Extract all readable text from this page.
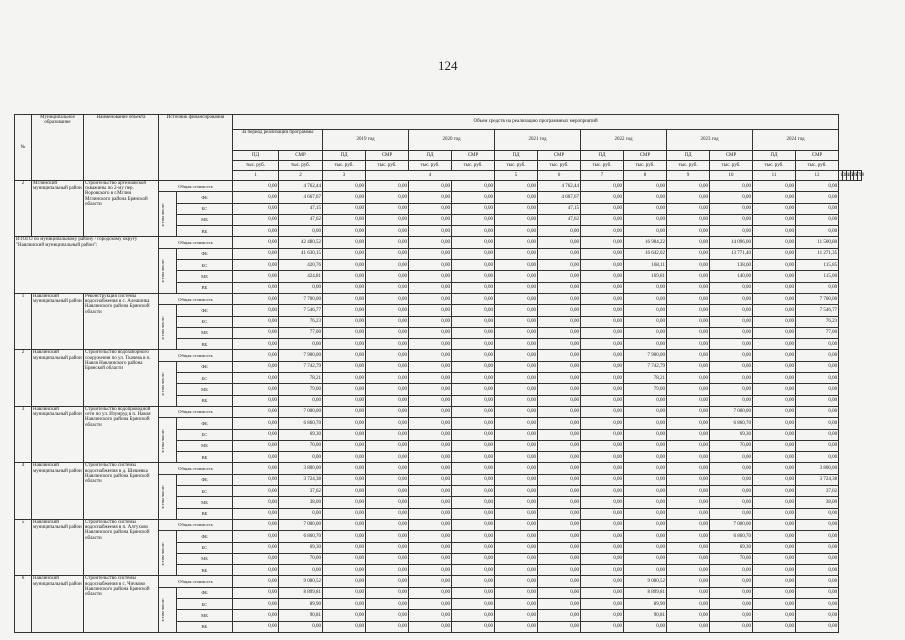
124
№	Муниципальное образование	Наименование объекта	Источник финансирования		Объем средств на реализацию программных мероприятий																			
					За период реализации программы		2019 год		2020 год		2021 год		2022 год		2023 год		2024 год							
					ПД	СМР	ПД	СМР	ПД	СМР	ПД	СМР	ПД	СМР	ПД	СМР	ПД	СМР						
					тыс. руб.	тыс. руб.	тыс. руб.	тыс. руб.	тыс. руб.	тыс. руб.	тыс. руб.	тыс. руб.	тыс. руб.	тыс. руб.	тыс. руб.	тыс. руб.	тыс. руб.	тыс. руб.						
					1	2	3	4			5	6	7	8	9	10	11	12	13	14	15	16	17	18
2	Мглинский муниципальный район	Строительство артезианской скважины по 2-му пер. Воровского в г.Мглин Мглинского района Брянской области	Общая стоимость		0,00	4 762,44	0,00	0,00	0,00	0,00	0,00	4 762,44	0,00	0,00	0,00	0,00	0,00	0,00						

			в том числе:	ФБ	0,00	4 667,67	0,00	0,00	0,00	0,00	0,00	4 667,67	0,00	0,00	0,00	0,00	0,00	0,00						
				БС	0,00	47,15	0,00	0,00	0,00	0,00	0,00	47,15	0,00	0,00	0,00	0,00	0,00	0,00						
				МБ	0,00	47,62	0,00	0,00	0,00	0,00	0,00	47,62	0,00	0,00	0,00	0,00	0,00	0,00						
				ВБ	0,00	0,00	0,00	0,00	0,00	0,00	0,00	0,00	0,00	0,00	0,00	0,00	0,00	0,00						
ИТОГО по муниципальному району / городскому округу "Навлинский муниципальный район":			Общая стоимость		0,00	42 480,52	0,00	0,00	0,00	0,00	0,00	0,00	0,00	16 984,22	0,00	14 096,00	0,00	11 500,80						

			в том числе:	ФБ	0,00	41 630,15	0,00	0,00	0,00	0,00	0,00	0,00	0,00	16 642,02	0,00	13 771,40	0,00	11 271,35						
				БС	0,00	420,76	0,00	0,00	0,00	0,00	0,00	0,00	0,00	168,11	0,00	138,60	0,00	115,85						
				МБ	0,00	424,81	0,00	0,00	0,00	0,00	0,00	0,00	0,00	169,81	0,00	140,00	0,00	115,00						
				ВБ	0,00	0,00	0,00	0,00	0,00	0,00	0,00	0,00	0,00	0,00	0,00	0,00	0,00	0,00						
1	Навлинский муниципальный район	Реконструкция системы водоснабжения в с. Алешинка Навлинского района Брянской области	Общая стоимость		0,00	7 700,00	0,00	0,00	0,00	0,00	0,00	0,00	0,00	0,00	0,00	0,00	0,00	7 700,00						

			в том числе:	ФБ	0,00	7 546,77	0,00	0,00	0,00	0,00	0,00	0,00	0,00	0,00	0,00	0,00	0,00	7 546,77						
				БС	0,00	76,23	0,00	0,00	0,00	0,00	0,00	0,00	0,00	0,00	0,00	0,00	0,00	76,23						
				МБ	0,00	77,00	0,00	0,00	0,00	0,00	0,00	0,00	0,00	0,00	0,00	0,00	0,00	77,00						
				ВБ	0,00	0,00	0,00	0,00	0,00	0,00	0,00	0,00	0,00	0,00	0,00	0,00	0,00	0,00						
2	Навлинский муниципальный район	Строительство водозаборного сооружения по ул. Ткачева в п. Навля Навлинского района Брянской области	Общая стоимость		0,00	7 900,00	0,00	0,00	0,00	0,00	0,00	0,00	0,00	7 900,00	0,00	0,00	0,00	0,00						

			в том числе:	ФБ	0,00	7 742,79	0,00	0,00	0,00	0,00	0,00	0,00	0,00	7 742,79	0,00	0,00	0,00	0,00						
				БС	0,00	78,21	0,00	0,00	0,00	0,00	0,00	0,00	0,00	78,21	0,00	0,00	0,00	0,00						
				МБ	0,00	79,00	0,00	0,00	0,00	0,00	0,00	0,00	0,00	79,00	0,00	0,00	0,00	0,00						
				ВБ	0,00	0,00	0,00	0,00	0,00	0,00	0,00	0,00	0,00	0,00	0,00	0,00	0,00	0,00						
3	Навлинский муниципальный район	Строительство водопроводной сети по ул. Изумруд в п. Навля Навлинского района Брянской области	Общая стоимость		0,00	7 000,00	0,00	0,00	0,00	0,00	0,00	0,00	0,00	0,00	0,00	7 000,00	0,00	0,00						

			в том числе:	ФБ	0,00	6 860,70	0,00	0,00	0,00	0,00	0,00	0,00	0,00	0,00	0,00	6 860,70	0,00	0,00						
				БС	0,00	69,30	0,00	0,00	0,00	0,00	0,00	0,00	0,00	0,00	0,00	69,30	0,00	0,00						
				МБ	0,00	70,00	0,00	0,00	0,00	0,00	0,00	0,00	0,00	0,00	0,00	70,00	0,00	0,00						
				ВБ	0,00	0,00	0,00	0,00	0,00	0,00	0,00	0,00	0,00	0,00	0,00	0,00	0,00	0,00						
4	Навлинский муниципальный район	Строительство системы водоснабжения в д. Шешевка Навлинского района Брянской области	Общая стоимость		0,00	3 800,00	0,00	0,00	0,00	0,00	0,00	0,00	0,00	0,00	0,00	0,00	0,00	3 800,00						

			в том числе:	ФБ	0,00	3 724,38	0,00	0,00	0,00	0,00	0,00	0,00	0,00	0,00	0,00	0,00	0,00	3 724,38						
				БС	0,00	37,62	0,00	0,00	0,00	0,00	0,00	0,00	0,00	0,00	0,00	0,00	0,00	37,62						
				МБ	0,00	38,00	0,00	0,00	0,00	0,00	0,00	0,00	0,00	0,00	0,00	0,00	0,00	38,00						
				ВБ	0,00	0,00	0,00	0,00	0,00	0,00	0,00	0,00	0,00	0,00	0,00	0,00	0,00	0,00						
5	Навлинский муниципальный район	Строительство системы водоснабжения в п. Алтухово Навлинского района Брянской области	Общая стоимость		0,00	7 000,00	0,00	0,00	0,00	0,00	0,00	0,00	0,00	0,00	0,00	7 000,00	0,00	0,00						

			в том числе:	ФБ	0,00	6 860,70	0,00	0,00	0,00	0,00	0,00	0,00	0,00	0,00	0,00	6 860,70	0,00	0,00						
				БС	0,00	69,30	0,00	0,00	0,00	0,00	0,00	0,00	0,00	0,00	0,00	69,30	0,00	0,00						
				МБ	0,00	70,00	0,00	0,00	0,00	0,00	0,00	0,00	0,00	0,00	0,00	70,00	0,00	0,00						
				ВБ	0,00	0,00	0,00	0,00	0,00	0,00	0,00	0,00	0,00	0,00	0,00	0,00	0,00	0,00						
6	Навлинский муниципальный район	Строительство системы водоснабжения в с. Чичково Навлинского района Брянской области	Общая стоимость		0,00	9 080,52	0,00	0,00	0,00	0,00	0,00	0,00	0,00	9 080,52	0,00	0,00	0,00	0,00						

			в том числе:	ФБ	0,00	8 899,81	0,00	0,00	0,00	0,00	0,00	0,00	0,00	8 899,81	0,00	0,00	0,00	0,00						
				БС	0,00	89,90	0,00	0,00	0,00	0,00	0,00	0,00	0,00	89,90	0,00	0,00	0,00	0,00						
				МБ	0,00	90,81	0,00	0,00	0,00	0,00	0,00	0,00	0,00	90,81	0,00	0,00	0,00	0,00						
				ВБ	0,00	0,00	0,00	0,00	0,00	0,00	0,00	0,00	0,00	0,00	0,00	0,00	0,00	0,00						
